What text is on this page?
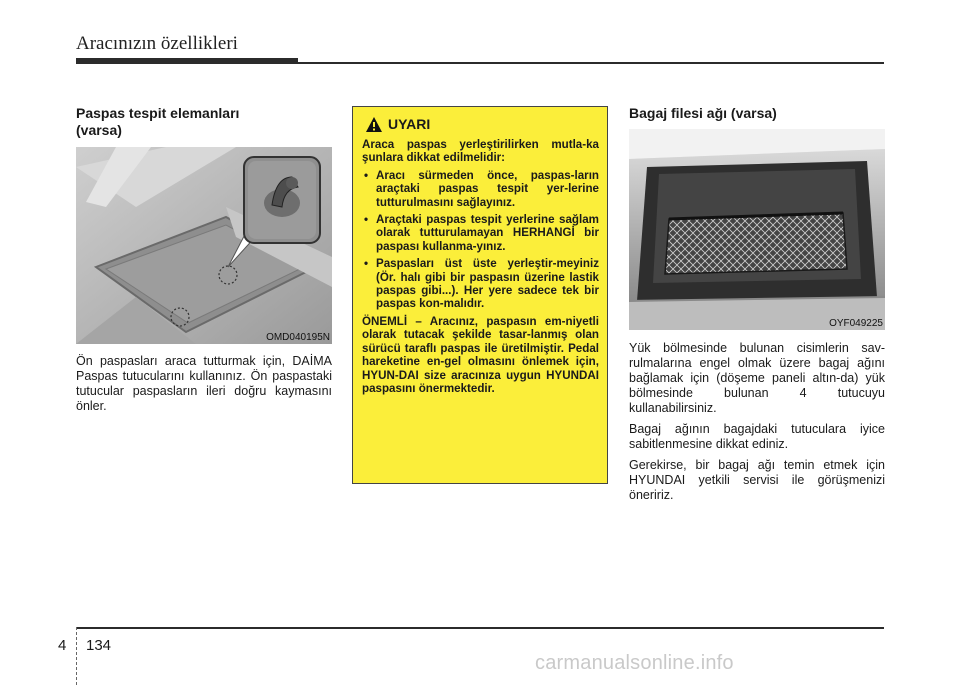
Aracınızın özellikleri
Paspas tespit elemanları
(varsa)
OMD040195N
Ön paspasları araca tutturmak için, DAİMA Paspas tutucularını kullanınız. Ön paspastaki tutucular paspasların ileri doğru kaymasını önler.
UYARI

Araca paspas yerleştirilirken mutla-ka şunlara dikkat edilmelidir:

• Aracı sürmeden önce, paspas-ların araçtaki paspas tespit yer-lerine tutturulmasını sağlayınız.
• Araçtaki paspas tespit yerlerine sağlam olarak tutturulamayan HERHANGİ bir paspası kullanma-yınız.
• Paspasları üst üste yerleştir-meyiniz (Ör. halı gibi bir paspasın üzerine lastik paspas gibi...). Her yere sadece tek bir paspas kon-malıdır.

ÖNEMLİ – Aracınız, paspasın em-niyetli olarak tutacak şekilde tasar-lanmış olan sürücü taraflı paspas ile üretilmiştir. Pedal hareketine en-gel olmasını önlemek için, HYUN-DAI size aracınıza uygun HYUNDAI paspasını önermektedir.

Bagaj filesi ağı (varsa)
OYF049225

Yük bölmesinde bulunan cisimlerin sav-rulmalarına engel olmak üzere bagaj ağını bağlamak için (döşeme paneli altın-da) yük bölmesinde bulunan 4 tutucuyu kullanabilirsiniz.

Bagaj ağının bagajdaki tutuculara iyice sabitlenmesine dikkat ediniz.

Gerekirse, bir bagaj ağı temin etmek için HYUNDAI yetkili servisi ile görüşmenizi öneririz.

4 134
carmanualsonline.info
